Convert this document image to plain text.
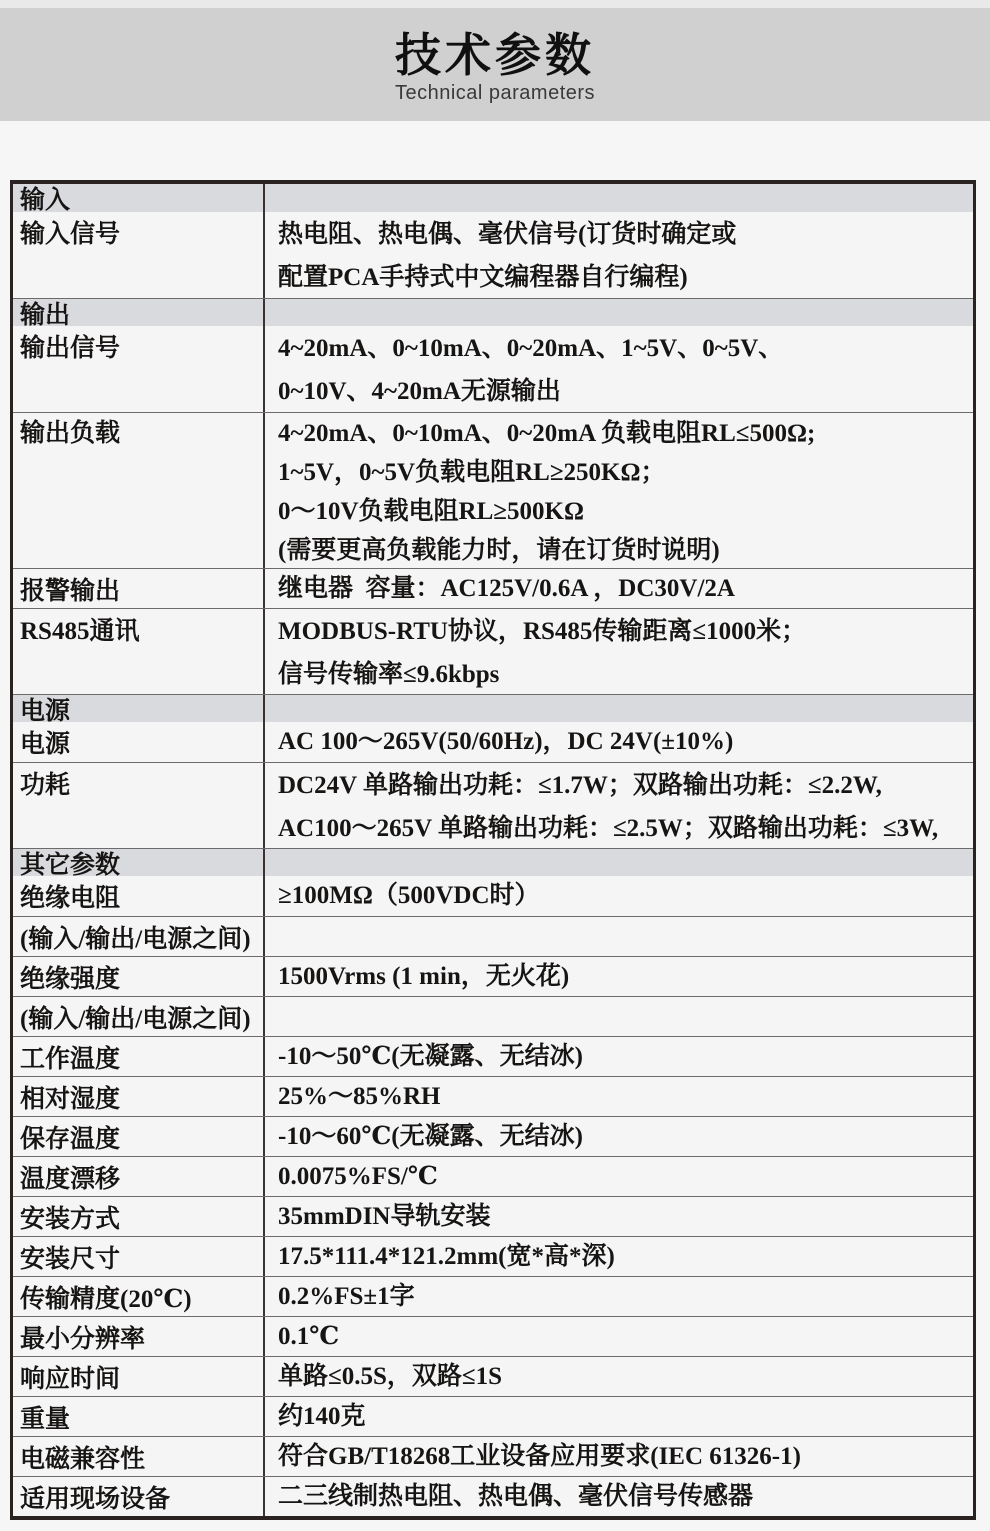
技术参数
Technical parameters
输入
输入信号	热电阻、热电偶、毫伏信号(订货时确定或
配置PCA手持式中文编程器自行编程)
输出
输出信号	4~20mA、0~10mA、0~20mA、1~5V、0~5V、
0~10V、4~20mA无源输出
输出负载	4~20mA、0~10mA、0~20mA 负载电阻RL≤500Ω;
1~5V，0~5V负载电阻RL≥250KΩ；
0～10V负载电阻RL≥500KΩ
(需要更高负载能力时，请在订货时说明)
报警输出	继电器  容量：AC125V/0.6A ，DC30V/2A
RS485通讯	MODBUS-RTU协议，RS485传输距离≤1000米；
信号传输率≤9.6kbps
电源
电源	AC 100～265V(50/60Hz)，DC 24V(±10%)
功耗	DC24V 单路输出功耗：≤1.7W；双路输出功耗：≤2.2W,
AC100～265V 单路输出功耗：≤2.5W；双路输出功耗：≤3W,
其它参数
绝缘电阻	≥100MΩ（500VDC时）
(输入/输出/电源之间)
绝缘强度	1500Vrms (1 min，无火花)
(输入/输出/电源之间)
工作温度	-10～50℃(无凝露、无结冰)
相对湿度	25%～85%RH
保存温度	-10～60℃(无凝露、无结冰)
温度漂移	0.0075%FS/℃
安装方式	35mmDIN导轨安装
安装尺寸	17.5*111.4*121.2mm(宽*高*深)
传输精度(20℃)	0.2%FS±1字
最小分辨率	0.1℃
响应时间	单路≤0.5S，双路≤1S
重量	约140克
电磁兼容性	符合GB/T18268工业设备应用要求(IEC 61326-1)
适用现场设备	二三线制热电阻、热电偶、毫伏信号传感器
